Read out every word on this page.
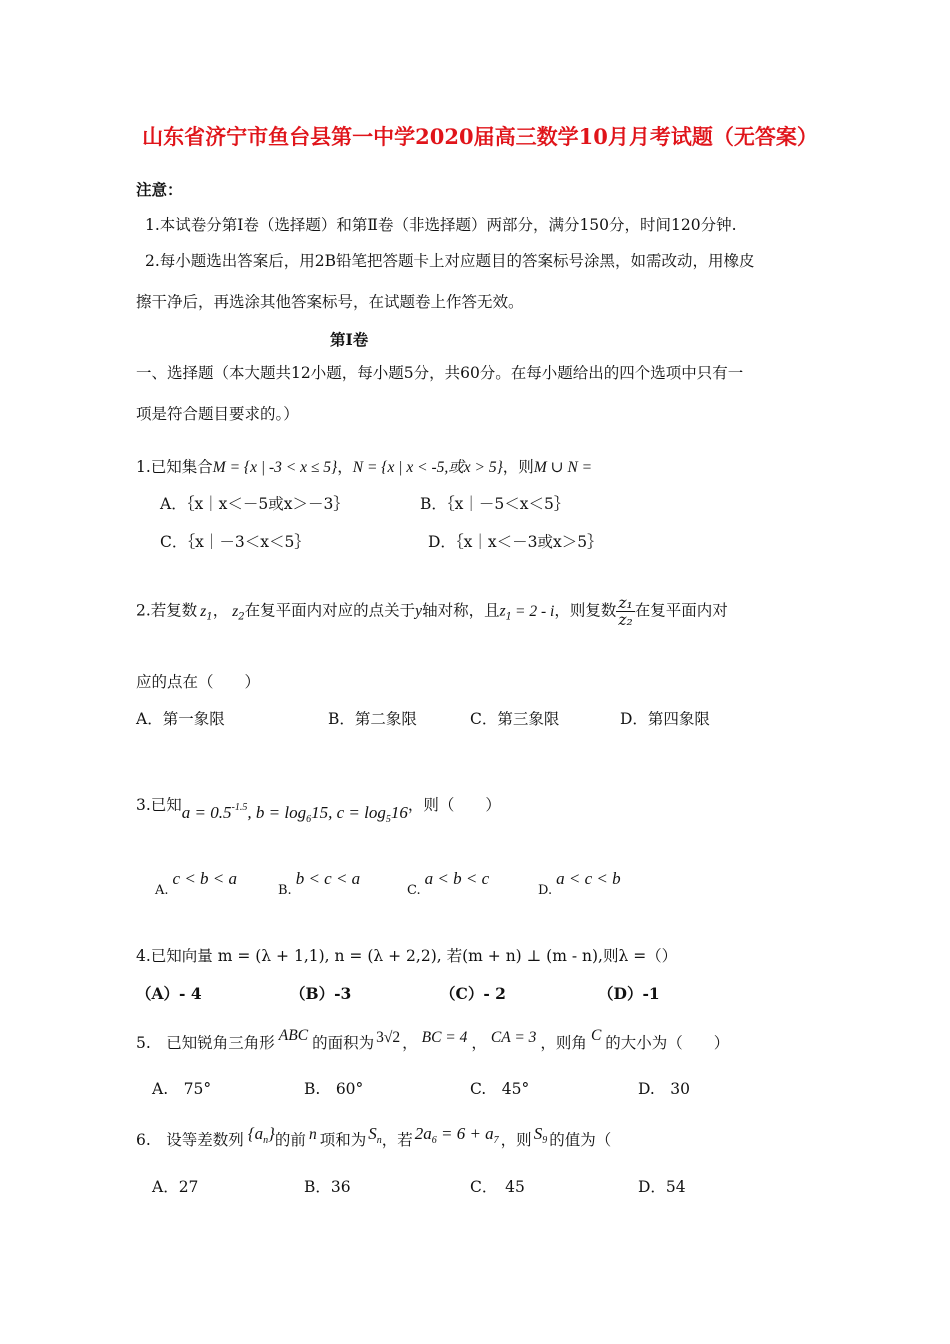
山东省济宁市鱼台县第一中学2020届高三数学10月月考试题（无答案）
注意：
1.本试卷分第Ⅰ卷（选择题）和第Ⅱ卷（非选择题）两部分，满分150分，时间120分钟.
2.每小题选出答案后，用2B铅笔把答题卡上对应题目的答案标号涂黑，如需改动，用橡皮
擦干净后，再选涂其他答案标号，在试题卷上作答无效。
第Ⅰ卷
一、选择题（本大题共12小题，每小题5分，共60分。在每小题给出的四个选项中只有一
项是符合题目要求的。）
1.已知集合M = {x | -3 < x ≤ 5}，N = {x | x < -5,或x > 5}，则M ∪ N =
A．｛x｜x＜－5或x＞－3｝	B．｛x｜－5＜x＜5｝
C．｛x｜－3＜x＜5｝	D．｛x｜x＜－3或x＞5｝
2.若复数 $z_1$， $z_2$在复平面内对应的点关于y轴对称，且$z_1 = 2 - i$，则复数 $\frac{\text{z₁}}{\text{z₂}}$ 在复平面内对
应的点在（　　）
A．第一象限	B．第二象限	C．第三象限	D．第四象限
3.已知$a = 0.5^{-1.5}$, $b = \log_615$, $c = \log_516$，则（　　）
$_{A.}$c < b < a
$_{B.}$b < c < a
$_{C.}$a < b < c
$_{D.}$a < c < b
4.已知向量 m = (λ + 1,1), n = (λ + 2,2), 若(m + n) ⊥ (m - n),则λ =（）
（A）- 4	（B）-3	（C）- 2	（D）-1
5.　已知锐角三角形 ABC 的面积为 3√2 ， BC = 4 ， CA = 3 ，则角 C 的大小为（　　）
A.　75°	B.　60°	C.　45°	D.　30
6.　设等差数列 $\{a_n\}$的前 n 项和为 $S_n$，若 $2a_6 = 6 + a_7$ ，则 $S_9$ 的值为（
A．27	B．36	C．　45	D．54
